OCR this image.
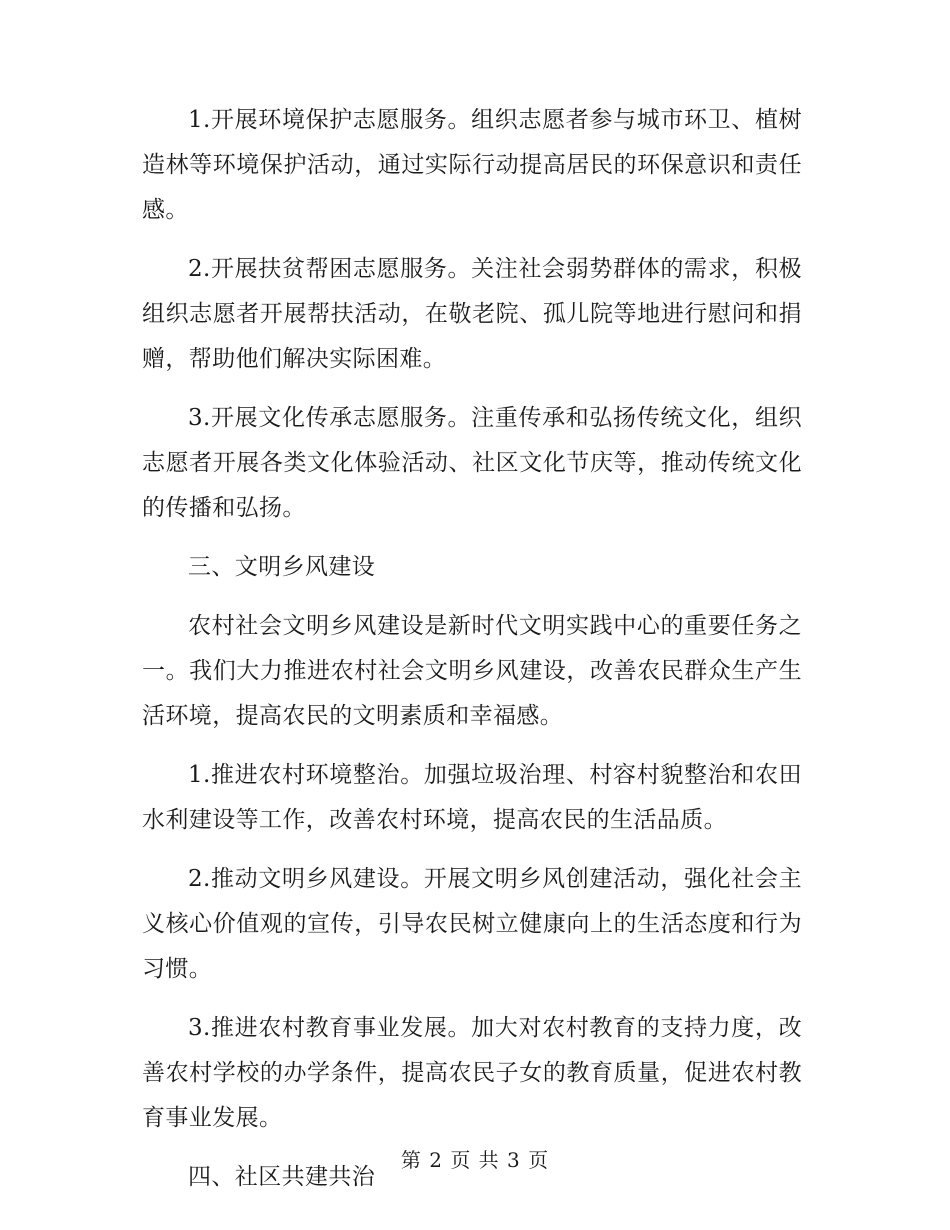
1.开展环境保护志愿服务。组织志愿者参与城市环卫、植树造林等环境保护活动，通过实际行动提高居民的环保意识和责任感。

2.开展扶贫帮困志愿服务。关注社会弱势群体的需求，积极组织志愿者开展帮扶活动，在敬老院、孤儿院等地进行慰问和捐赠，帮助他们解决实际困难。

3.开展文化传承志愿服务。注重传承和弘扬传统文化，组织志愿者开展各类文化体验活动、社区文化节庆等，推动传统文化的传播和弘扬。

三、文明乡风建设

农村社会文明乡风建设是新时代文明实践中心的重要任务之一。我们大力推进农村社会文明乡风建设，改善农民群众生产生活环境，提高农民的文明素质和幸福感。

1.推进农村环境整治。加强垃圾治理、村容村貌整治和农田水利建设等工作，改善农村环境，提高农民的生活品质。

2.推动文明乡风建设。开展文明乡风创建活动，强化社会主义核心价值观的宣传，引导农民树立健康向上的生活态度和行为习惯。

3.推进农村教育事业发展。加大对农村教育的支持力度，改善农村学校的办学条件，提高农民子女的教育质量，促进农村教育事业发展。

四、社区共建共治

第 2 页 共 3 页
